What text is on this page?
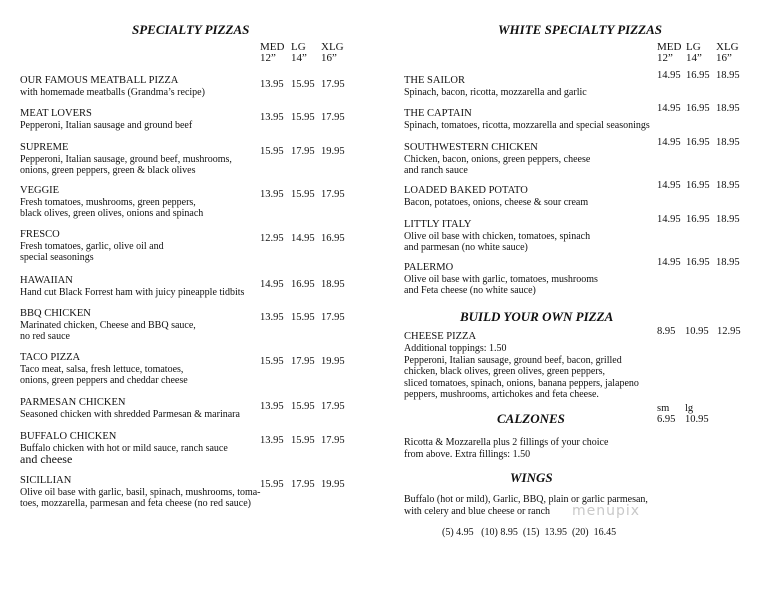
SPECIALTY PIZZAS
MED
12”
LG
14”
XLG
16”
OUR FAMOUS MEATBALL PIZZA
with homemade meatballs (Grandma’s recipe)
13.95 15.95 17.95
MEAT LOVERS
Pepperoni, Italian sausage and ground beef
13.95 15.95 17.95
SUPREME
Pepperoni, Italian sausage, ground beef, mushrooms,
onions, green peppers, green & black olives
15.95 17.95 19.95
VEGGIE
Fresh tomatoes, mushrooms, green peppers,
black olives, green olives, onions and spinach
13.95 15.95 17.95
FRESCO
Fresh tomatoes, garlic, olive oil and
special seasonings
12.95 14.95 16.95
HAWAIIAN
Hand cut Black Forrest ham with juicy pineapple tidbits
14.95 16.95 18.95
BBQ CHICKEN
Marinated chicken, Cheese and BBQ sauce,
no red sauce
13.95 15.95 17.95
TACO PIZZA
Taco meat, salsa, fresh lettuce, tomatoes,
onions, green peppers and cheddar cheese
15.95 17.95 19.95
PARMESAN CHICKEN
Seasoned chicken with shredded Parmesan & marinara
13.95 15.95 17.95
BUFFALO CHICKEN
Buffalo chicken with hot or mild sauce, ranch sauce
and cheese
13.95 15.95 17.95
SICILLIAN
Olive oil base with garlic, basil, spinach, mushrooms, toma-
toes, mozzarella, parmesan and feta cheese (no red sauce)
15.95 17.95 19.95
WHITE SPECIALTY PIZZAS
MED
12”
LG
14”
XLG
16”
THE SAILOR
Spinach, bacon, ricotta, mozzarella and garlic
14.95 16.95 18.95
THE CAPTAIN
Spinach, tomatoes, ricotta, mozzarella and special seasonings
14.95 16.95 18.95
SOUTHWESTERN CHICKEN
Chicken, bacon, onions, green peppers, cheese
and ranch sauce
14.95 16.95 18.95
LOADED BAKED POTATO
Bacon, potatoes, onions, cheese & sour cream
14.95 16.95 18.95
LITTLY ITALY
Olive oil base with chicken, tomatoes, spinach
and parmesan (no white sauce)
14.95 16.95 18.95
PALERMO
Olive oil base with garlic, tomatoes, mushrooms
and Feta cheese (no white sauce)
14.95 16.95 18.95
BUILD YOUR OWN PIZZA
CHEESE PIZZA
Additional toppings: 1.50
Pepperoni, Italian sausage, ground beef, bacon, grilled
chicken, black olives, green olives, green peppers,
sliced tomatoes, spinach, onions, banana peppers, jalapeno
peppers, mushrooms, artichokes and feta cheese.
8.95 10.95 12.95
CALZONES
sm lg
6.95 10.95
Ricotta & Mozzarella plus 2 fillings of your choice
from above. Extra fillings: 1.50
WINGS
Buffalo (hot or mild), Garlic, BBQ, plain or garlic parmesan,
with celery and blue cheese or ranch
(5) 4.95   (10) 8.95  (15)  13.95  (20)  16.45
menupix
